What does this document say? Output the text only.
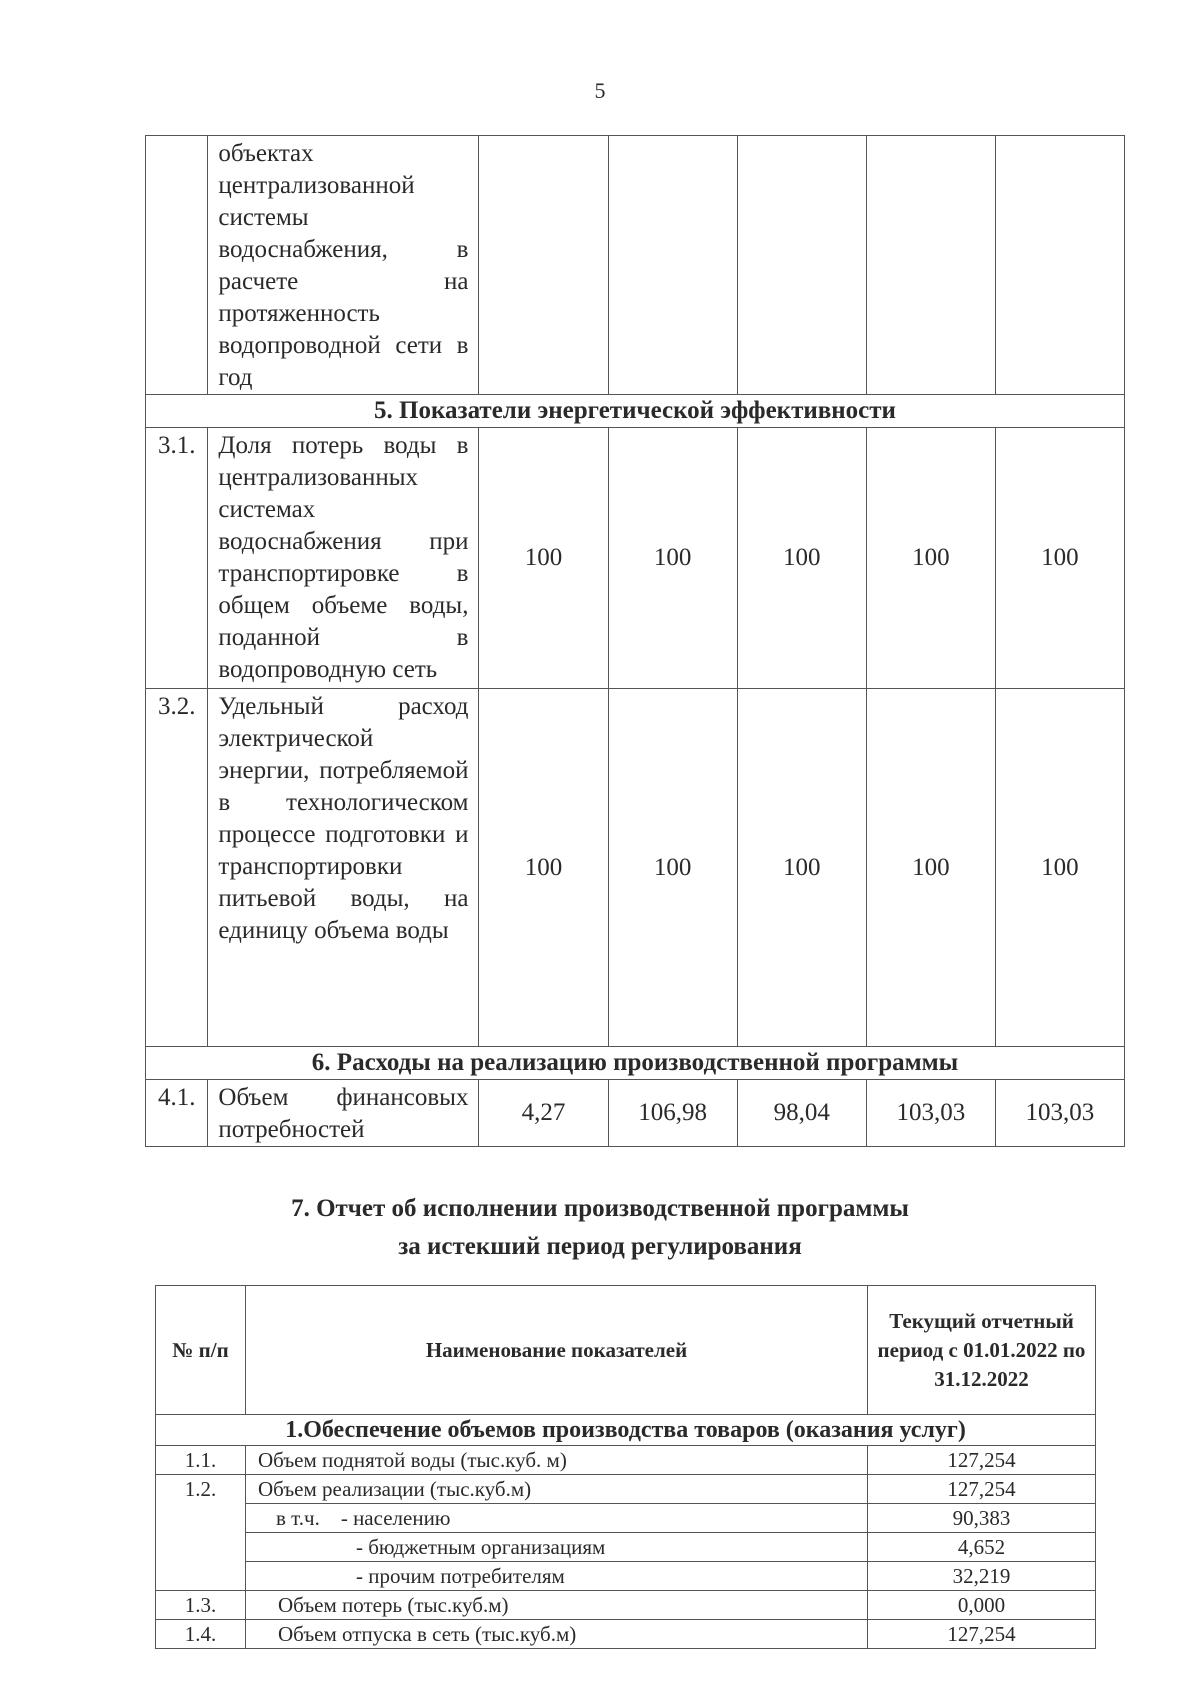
5
	объектах централизованной системы водоснабжения, в расчете на протяженность водопроводной сети в год					
5. Показатели энергетической эффективности						
3.1.	Доля потерь воды в централизованных системах водоснабжения при транспортировке в общем объеме воды, поданной в водопроводную сеть	100	100	100	100	100
3.2.	Удельный расход электрической энергии, потребляемой в технологическом процессе подготовки и транспортировки питьевой воды, на единицу объема воды	100	100	100	100	100
6. Расходы на реализацию производственной программы						
4.1.	Объем финансовых потребностей	4,27	106,98	98,04	103,03	103,03
7. Отчет об исполнении производственной программы
за истекший период регулирования
№ п/п	Наименование показателей	Текущий отчетный период с 01.01.2022 по 31.12.2022
1.Обеспечение объемов производства товаров (оказания услуг)		
1.1.	Объем поднятой воды (тыс.куб. м)	127,254
1.2.	Объем реализации (тыс.куб.м)	127,254
	в т.ч.    - населению	90,383
	- бюджетным организациям	4,652
	- прочим потребителям	32,219
1.3.	Объем потерь (тыс.куб.м)	0,000
1.4.	Объем отпуска в сеть (тыс.куб.м)	127,254
